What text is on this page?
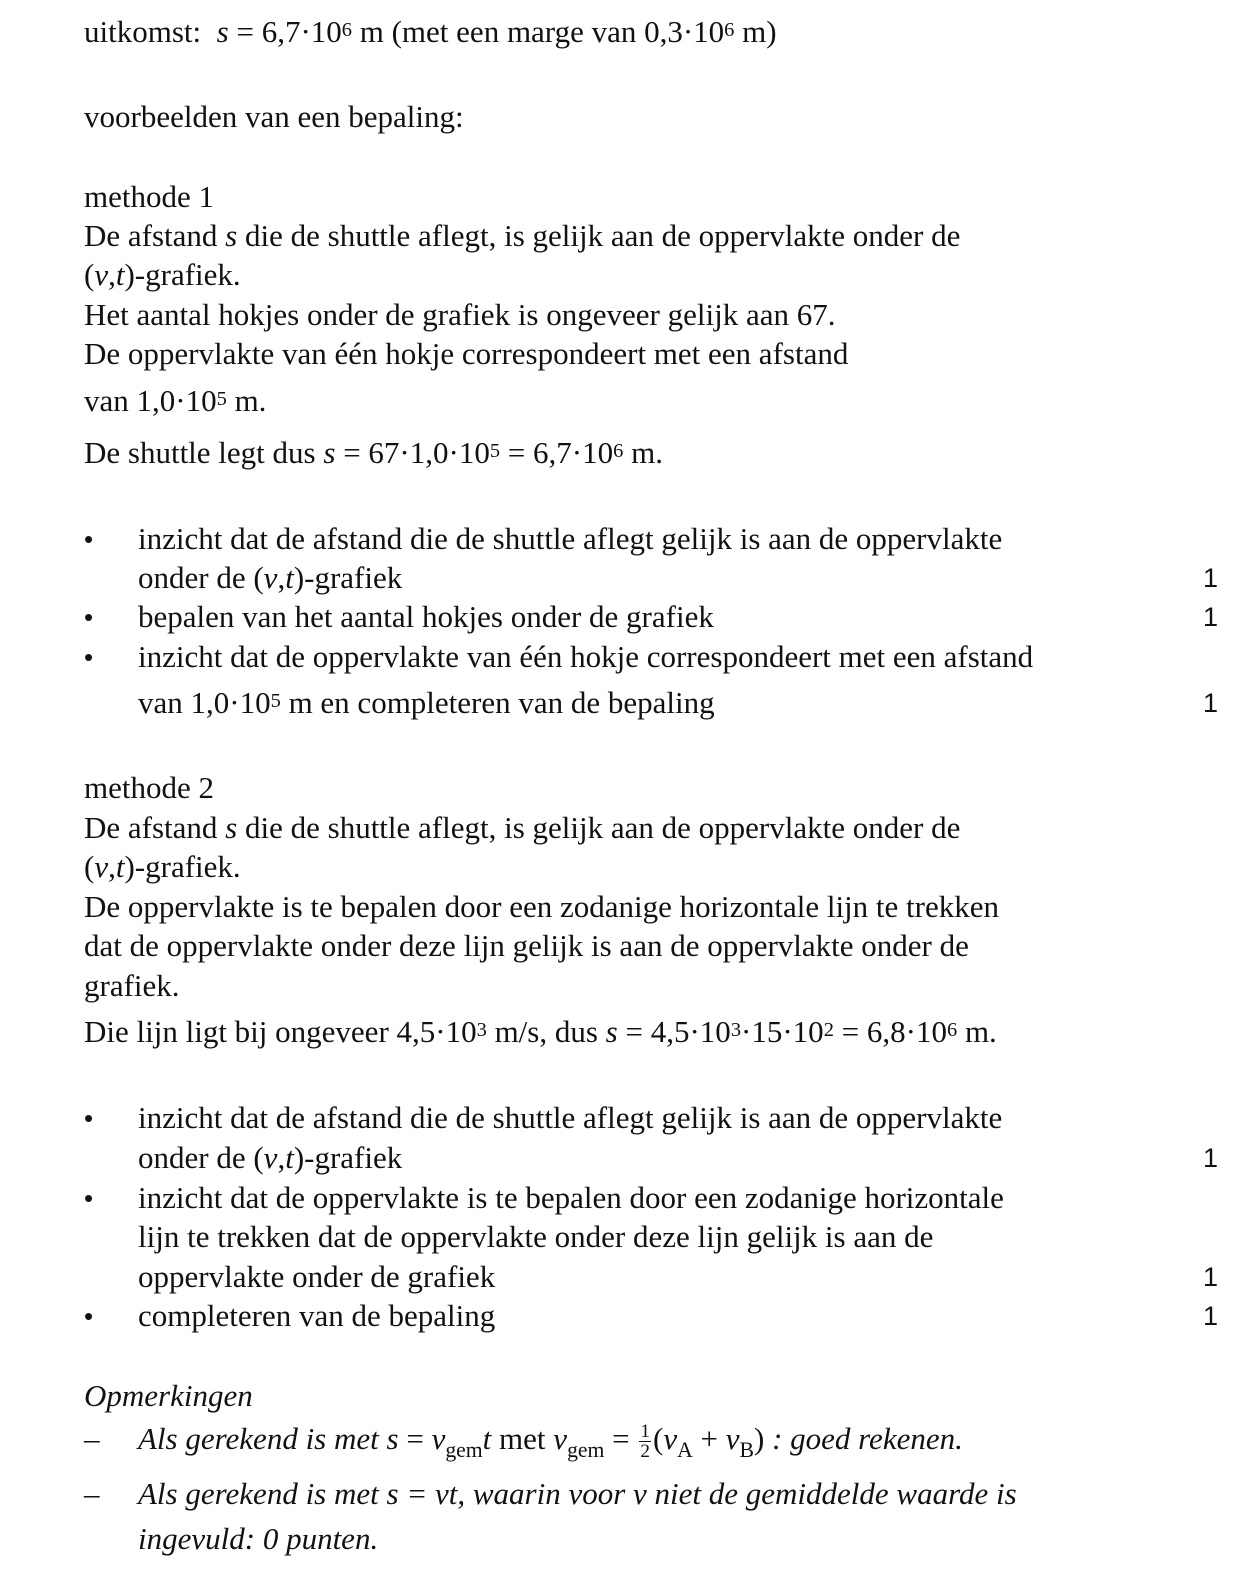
uitkomst: $s = 6,7\cdot 10^6$ m (met een marge van $0,3\cdot 10^6$ m)
voorbeelden van een bepaling:
methode 1
De afstand s die de shuttle aflegt, is gelijk aan de oppervlakte onder de
(v,t)-grafiek.
Het aantal hokjes onder de grafiek is ongeveer gelijk aan 67.
De oppervlakte van één hokje correspondeert met een afstand
van $1,0\cdot 10^5$ m.
De shuttle legt dus $s = 67\cdot 1,0\cdot 10^5 = 6,7\cdot 10^6$ m.
• inzicht dat de afstand die de shuttle aflegt gelijk is aan de oppervlakte
onder de (v,t)-grafiek	1
• bepalen van het aantal hokjes onder de grafiek	1
• inzicht dat de oppervlakte van één hokje correspondeert met een afstand
van $1,0\cdot 10^5$ m en completeren van de bepaling	1
methode 2
De afstand s die de shuttle aflegt, is gelijk aan de oppervlakte onder de
(v,t)-grafiek.
De oppervlakte is te bepalen door een zodanige horizontale lijn te trekken
dat de oppervlakte onder deze lijn gelijk is aan de oppervlakte onder de
grafiek.
Die lijn ligt bij ongeveer $4,5\cdot 10^3$ m/s, dus $s = 4,5\cdot 10^3\cdot 15\cdot 10^2 = 6,8\cdot 10^6$ m.
• inzicht dat de afstand die de shuttle aflegt gelijk is aan de oppervlakte
onder de (v,t)-grafiek	1
• inzicht dat de oppervlakte is te bepalen door een zodanige horizontale
lijn te trekken dat de oppervlakte onder deze lijn gelijk is aan de
oppervlakte onder de grafiek	1
• completeren van de bepaling	1
Opmerkingen
– Als gerekend is met $s = v_{gem}t$ met $v_{gem} = \frac{1}{2} (v_A + v_B)$ : goed rekenen.
– Als gerekend is met s = vt, waarin voor v niet de gemiddelde waarde is
ingevuld: 0 punten.
